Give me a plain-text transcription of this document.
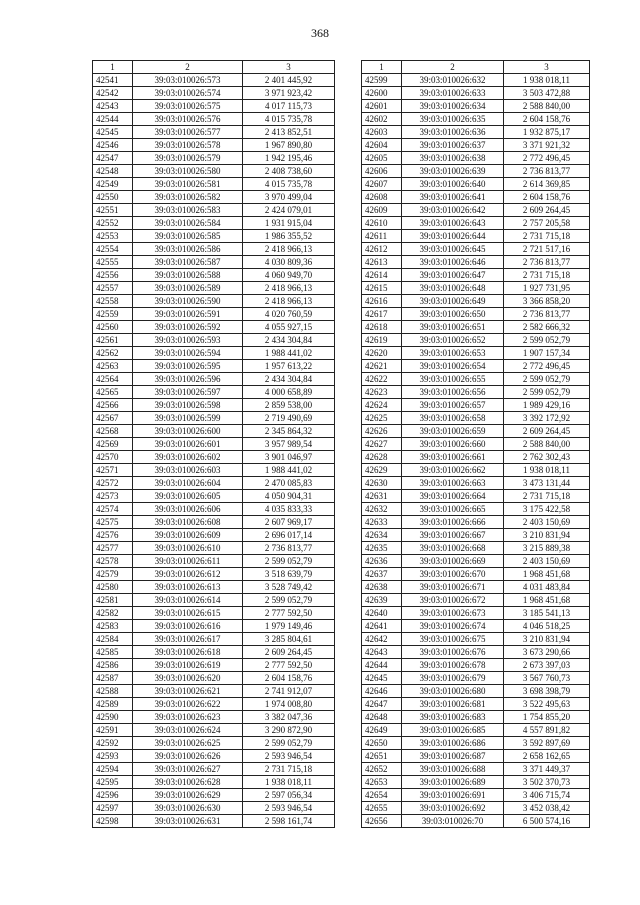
368
1	2	3
42541	39:03:010026:573	2 401 445,92
42542	39:03:010026:574	3 971 923,42
42543	39:03:010026:575	4 017 115,73
42544	39:03:010026:576	4 015 735,78
42545	39:03:010026:577	2 413 852,51
42546	39:03:010026:578	1 967 890,80
42547	39:03:010026:579	1 942 195,46
42548	39:03:010026:580	2 408 738,60
42549	39:03:010026:581	4 015 735,78
42550	39:03:010026:582	3 970 499,04
42551	39:03:010026:583	2 424 079,01
42552	39:03:010026:584	1 931 915,04
42553	39:03:010026:585	1 986 355,52
42554	39:03:010026:586	2 418 966,13
42555	39:03:010026:587	4 030 809,36
42556	39:03:010026:588	4 060 949,70
42557	39:03:010026:589	2 418 966,13
42558	39:03:010026:590	2 418 966,13
42559	39:03:010026:591	4 020 760,59
42560	39:03:010026:592	4 055 927,15
42561	39:03:010026:593	2 434 304,84
42562	39:03:010026:594	1 988 441,02
42563	39:03:010026:595	1 957 613,22
42564	39:03:010026:596	2 434 304,84
42565	39:03:010026:597	4 000 658,89
42566	39:03:010026:598	2 859 538,00
42567	39:03:010026:599	2 719 490,69
42568	39:03:010026:600	2 345 864,32
42569	39:03:010026:601	3 957 989,54
42570	39:03:010026:602	3 901 046,97
42571	39:03:010026:603	1 988 441,02
42572	39:03:010026:604	2 470 085,83
42573	39:03:010026:605	4 050 904,31
42574	39:03:010026:606	4 035 833,33
42575	39:03:010026:608	2 607 969,17
42576	39:03:010026:609	2 696 017,14
42577	39:03:010026:610	2 736 813,77
42578	39:03:010026:611	2 599 052,79
42579	39:03:010026:612	3 518 639,79
42580	39:03:010026:613	3 528 749,42
42581	39:03:010026:614	2 599 052,79
42582	39:03:010026:615	2 777 592,50
42583	39:03:010026:616	1 979 149,46
42584	39:03:010026:617	3 285 804,61
42585	39:03:010026:618	2 609 264,45
42586	39:03:010026:619	2 777 592,50
42587	39:03:010026:620	2 604 158,76
42588	39:03:010026:621	2 741 912,07
42589	39:03:010026:622	1 974 008,80
42590	39:03:010026:623	3 382 047,36
42591	39:03:010026:624	3 290 872,90
42592	39:03:010026:625	2 599 052,79
42593	39:03:010026:626	2 593 946,54
42594	39:03:010026:627	2 731 715,18
42595	39:03:010026:628	1 938 018,11
42596	39:03:010026:629	2 597 056,34
42597	39:03:010026:630	2 593 946,54
42598	39:03:010026:631	2 598 161,74
1	2	3
42599	39:03:010026:632	1 938 018,11
42600	39:03:010026:633	3 503 472,88
42601	39:03:010026:634	2 588 840,00
42602	39:03:010026:635	2 604 158,76
42603	39:03:010026:636	1 932 875,17
42604	39:03:010026:637	3 371 921,32
42605	39:03:010026:638	2 772 496,45
42606	39:03:010026:639	2 736 813,77
42607	39:03:010026:640	2 614 369,85
42608	39:03:010026:641	2 604 158,76
42609	39:03:010026:642	2 609 264,45
42610	39:03:010026:643	2 757 205,58
42611	39:03:010026:644	2 731 715,18
42612	39:03:010026:645	2 721 517,16
42613	39:03:010026:646	2 736 813,77
42614	39:03:010026:647	2 731 715,18
42615	39:03:010026:648	1 927 731,95
42616	39:03:010026:649	3 366 858,20
42617	39:03:010026:650	2 736 813,77
42618	39:03:010026:651	2 582 666,32
42619	39:03:010026:652	2 599 052,79
42620	39:03:010026:653	1 907 157,34
42621	39:03:010026:654	2 772 496,45
42622	39:03:010026:655	2 599 052,79
42623	39:03:010026:656	2 599 052,79
42624	39:03:010026:657	1 989 429,16
42625	39:03:010026:658	3 392 172,92
42626	39:03:010026:659	2 609 264,45
42627	39:03:010026:660	2 588 840,00
42628	39:03:010026:661	2 762 302,43
42629	39:03:010026:662	1 938 018,11
42630	39:03:010026:663	3 473 131,44
42631	39:03:010026:664	2 731 715,18
42632	39:03:010026:665	3 175 422,58
42633	39:03:010026:666	2 403 150,69
42634	39:03:010026:667	3 210 831,94
42635	39:03:010026:668	3 215 889,38
42636	39:03:010026:669	2 403 150,69
42637	39:03:010026:670	1 968 451,68
42638	39:03:010026:671	4 031 483,84
42639	39:03:010026:672	1 968 451,68
42640	39:03:010026:673	3 185 541,13
42641	39:03:010026:674	4 046 518,25
42642	39:03:010026:675	3 210 831,94
42643	39:03:010026:676	3 673 290,66
42644	39:03:010026:678	2 673 397,03
42645	39:03:010026:679	3 567 760,73
42646	39:03:010026:680	3 698 398,79
42647	39:03:010026:681	3 522 495,63
42648	39:03:010026:683	1 754 855,20
42649	39:03:010026:685	4 557 891,82
42650	39:03:010026:686	3 592 897,69
42651	39:03:010026:687	2 658 162,65
42652	39:03:010026:688	3 371 449,37
42653	39:03:010026:689	3 502 370,73
42654	39:03:010026:691	3 406 715,74
42655	39:03:010026:692	3 452 038,42
42656	39:03:010026:70	6 500 574,16
